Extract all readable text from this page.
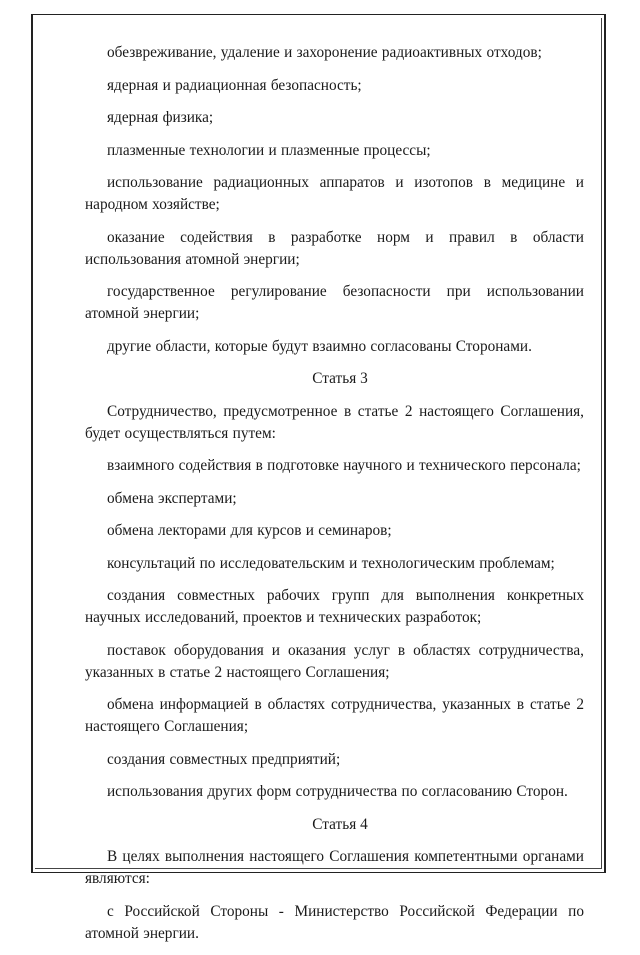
обезвреживание, удаление и захоронение радиоактивных отходов;

ядерная и радиационная безопасность;

ядерная физика;

плазменные технологии и плазменные процессы;

использование радиационных аппаратов и изотопов в медицине и народном хозяйстве;

оказание содействия в разработке норм и правил в области использования атомной энергии;

государственное регулирование безопасности при использовании атомной энергии;

другие области, которые будут взаимно согласованы Сторонами.

Статья 3

Сотрудничество, предусмотренное в статье 2 настоящего Соглашения, будет осуществляться путем:

взаимного содействия в подготовке научного и технического персонала;

обмена экспертами;

обмена лекторами для курсов и семинаров;

консультаций по исследовательским и технологическим проблемам;

создания совместных рабочих групп для выполнения конкретных научных исследований, проектов и технических разработок;

поставок оборудования и оказания услуг в областях сотрудничества, указанных в статье 2 настоящего Соглашения;

обмена информацией в областях сотрудничества, указанных в статье 2 настоящего Соглашения;

создания совместных предприятий;

использования других форм сотрудничества по согласованию Сторон.

Статья 4

В целях выполнения настоящего Соглашения компетентными органами являются:

с Российской Стороны - Министерство Российской Федерации по атомной энергии.
